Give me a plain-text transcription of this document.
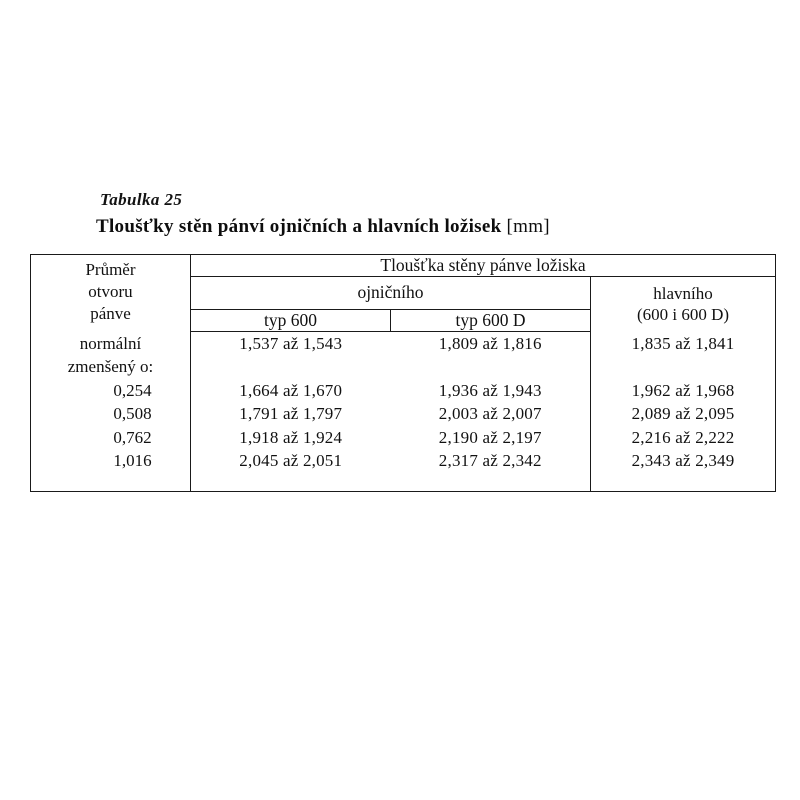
Tabulka 25
Tloušťky stěn pánví ojničních a hlavních ložisek [mm]
Průměr
otvoru
pánve	Tloušťka stěny pánve ložiska		
	ojničního		hlavního
(600 i 600 D)

	typ 600	typ 600 D	
normální	1,537 až 1,543	1,809 až 1,816	1,835 až 1,841
zmenšený o:			
0,254	1,664 až 1,670	1,936 až 1,943	1,962 až 1,968
0,508	1,791 až 1,797	2,003 až 2,007	2,089 až 2,095
0,762	1,918 až 1,924	2,190 až 2,197	2,216 až 2,222
1,016	2,045 až 2,051	2,317 až 2,342	2,343 až 2,349
